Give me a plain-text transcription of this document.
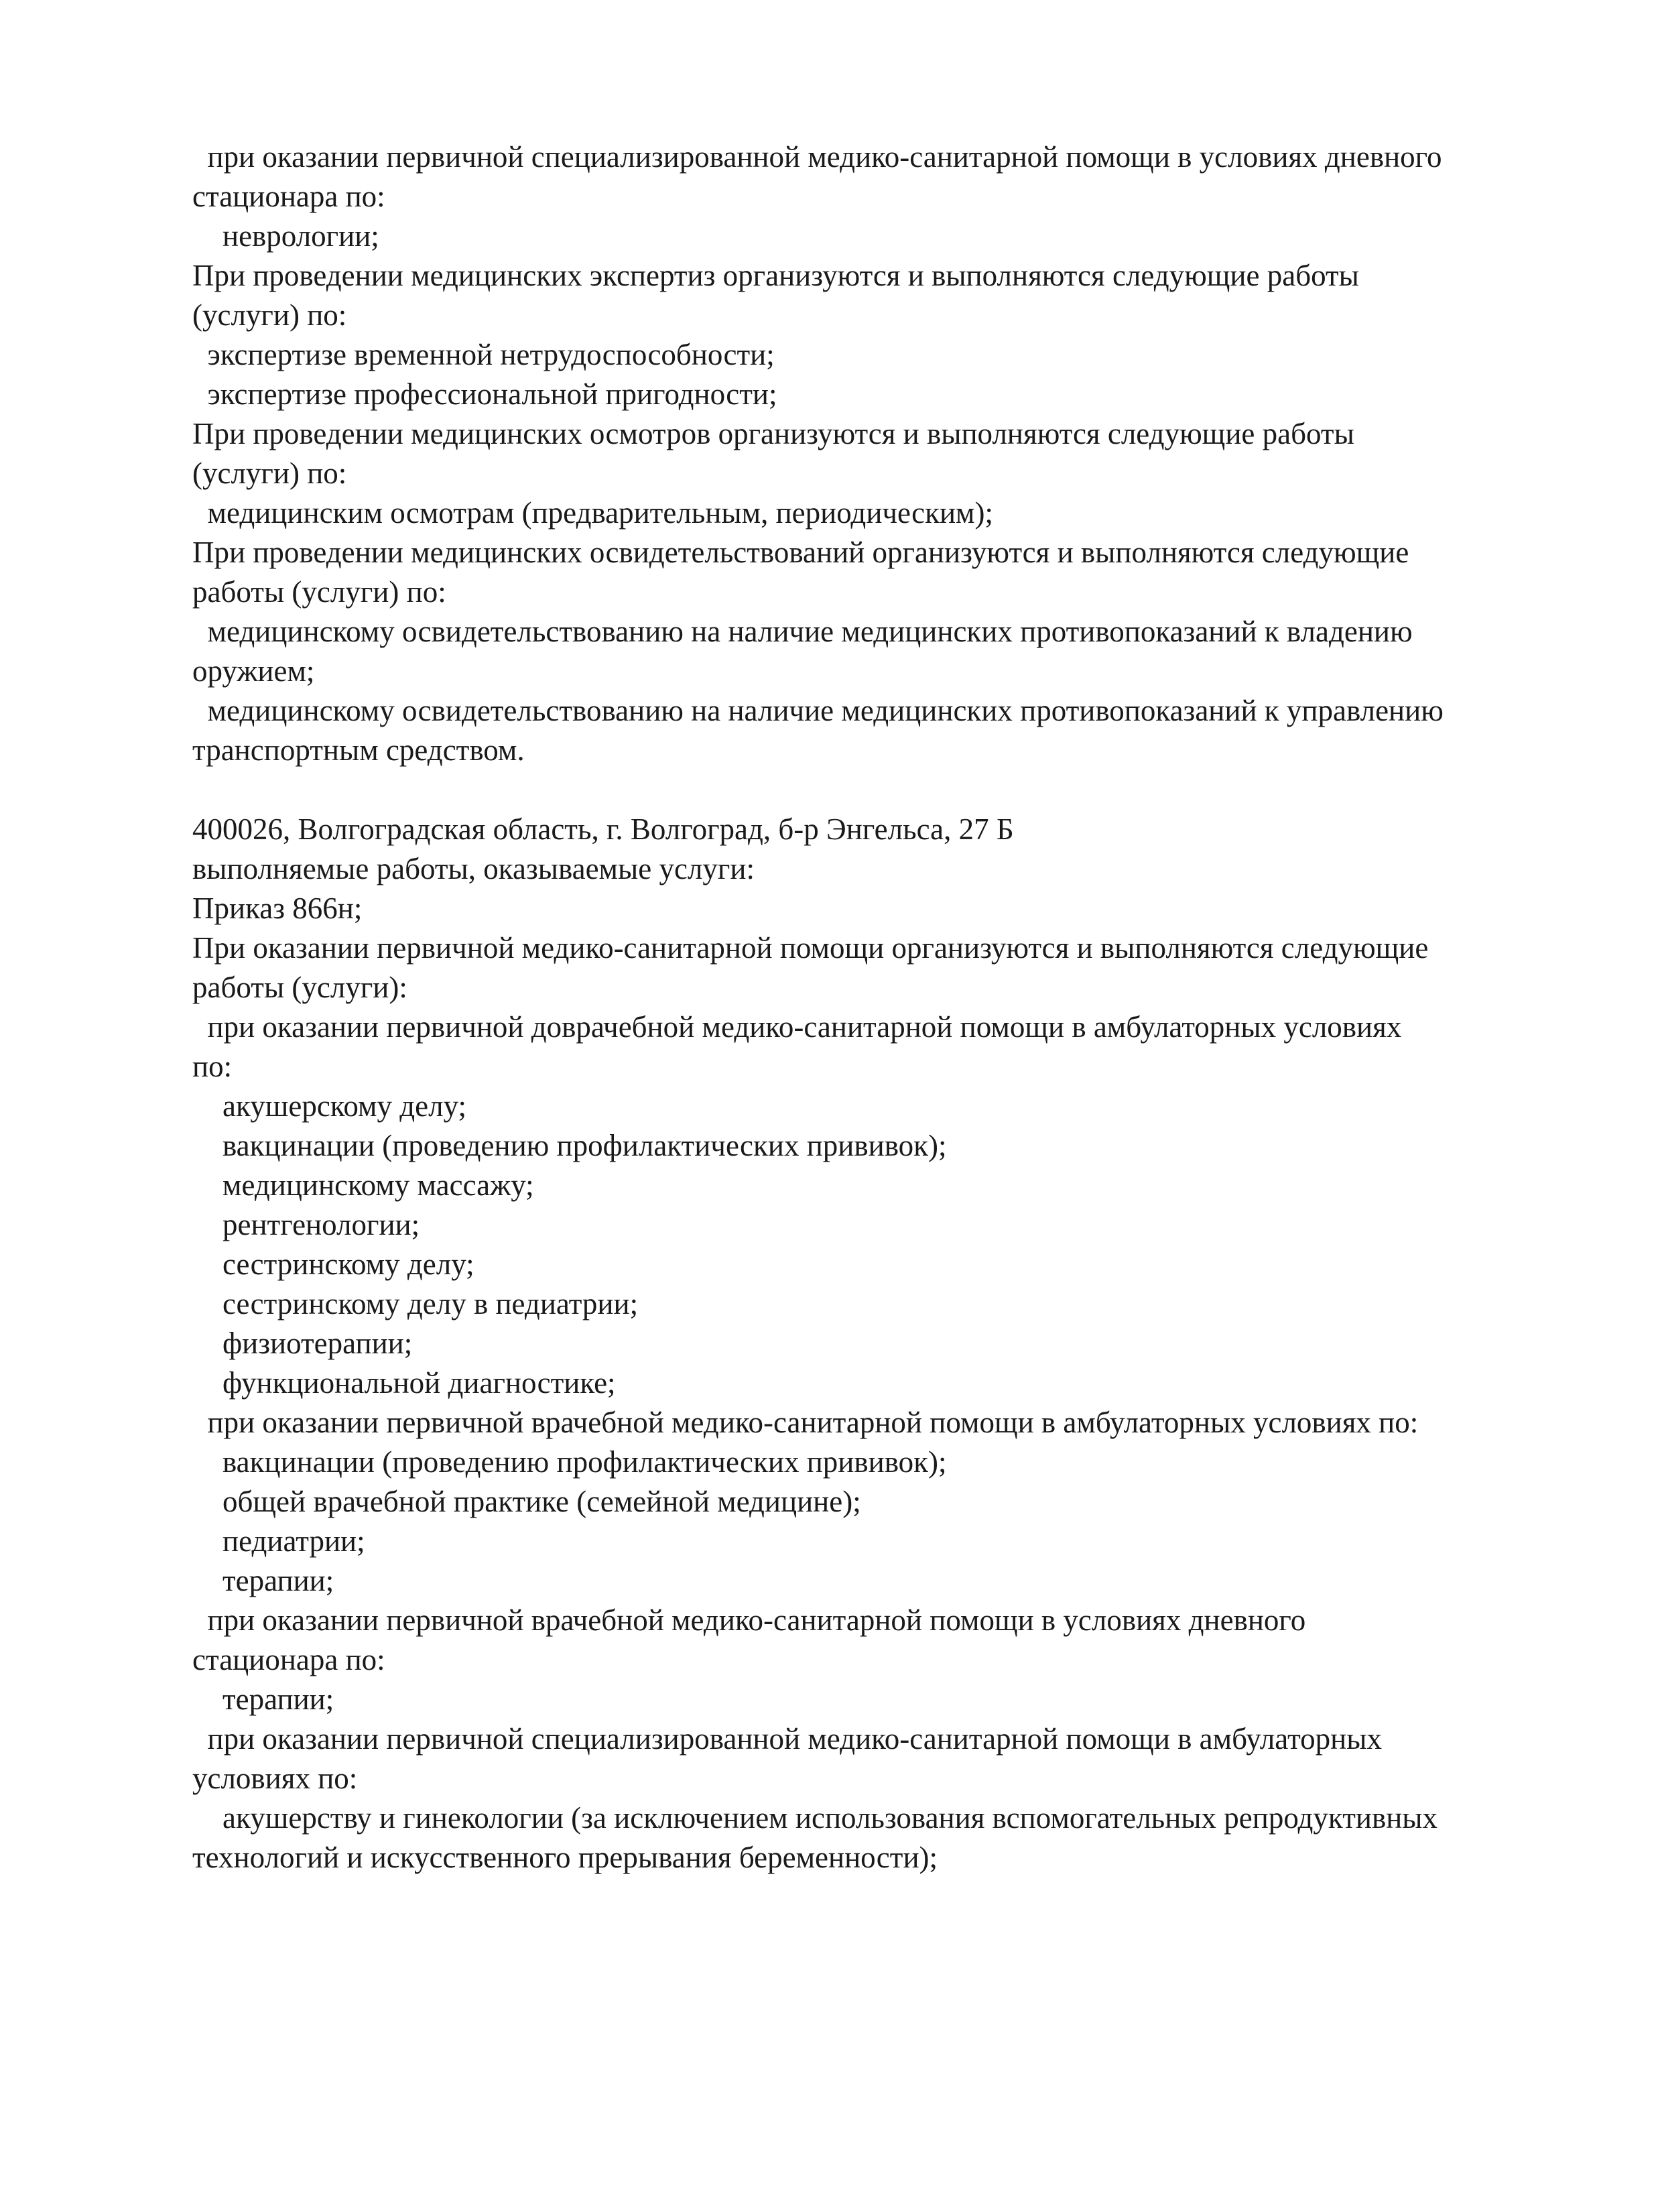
при оказании первичной специализированной медико-санитарной помощи в условиях дневного
стационара по:
неврологии;
При проведении медицинских экспертиз организуются и выполняются следующие работы
(услуги) по:
экспертизе временной нетрудоспособности;
экспертизе профессиональной пригодности;
При проведении медицинских осмотров организуются и выполняются следующие работы
(услуги) по:
медицинским осмотрам (предварительным, периодическим);
При проведении медицинских освидетельствований организуются и выполняются следующие
работы (услуги) по:
медицинскому освидетельствованию на наличие медицинских противопоказаний к владению
оружием;
медицинскому освидетельствованию на наличие медицинских противопоказаний к управлению
транспортным средством.
400026, Волгоградская область, г. Волгоград, б-р Энгельса, 27 Б
выполняемые работы, оказываемые услуги:
Приказ 866н;
При оказании первичной медико-санитарной помощи организуются и выполняются следующие
работы (услуги):
при оказании первичной доврачебной медико-санитарной помощи в амбулаторных условиях
по:
акушерскому делу;
вакцинации (проведению профилактических прививок);
медицинскому массажу;
рентгенологии;
сестринскому делу;
сестринскому делу в педиатрии;
физиотерапии;
функциональной диагностике;
при оказании первичной врачебной медико-санитарной помощи в амбулаторных условиях по:
вакцинации (проведению профилактических прививок);
общей врачебной практике (семейной медицине);
педиатрии;
терапии;
при оказании первичной врачебной медико-санитарной помощи в условиях дневного
стационара по:
терапии;
при оказании первичной специализированной медико-санитарной помощи в амбулаторных
условиях по:
акушерству и гинекологии (за исключением использования вспомогательных репродуктивных
технологий и искусственного прерывания беременности);
